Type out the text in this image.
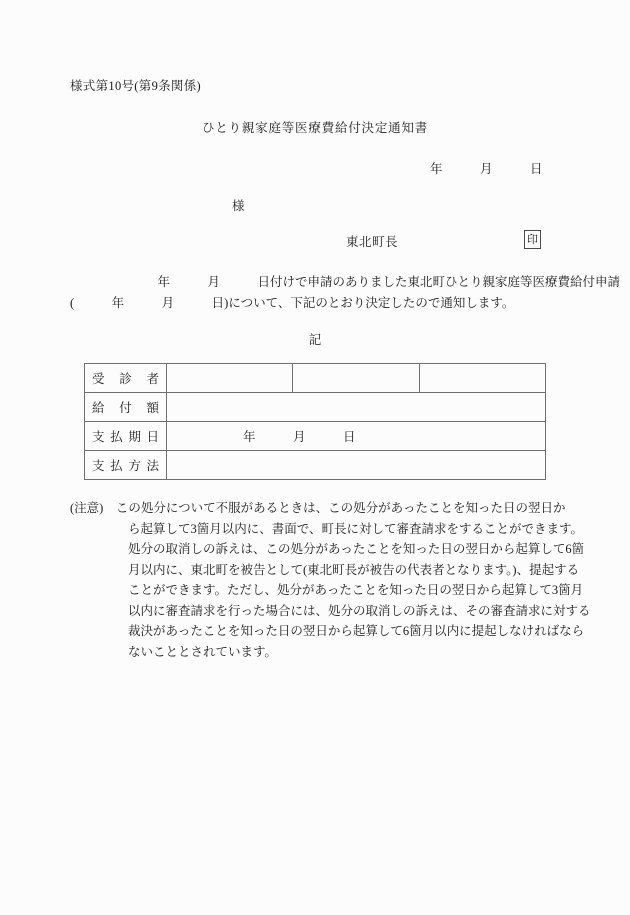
様式第10号(第9条関係)
ひとり親家庭等医療費給付決定通知書
年　　　月　　　日
様
東北町長	印
　　　　　　　年　　　月　　　日付けで申請のありました東北町ひとり親家庭等医療費給付申請
(　　　年　　　月　　　日)について、下記のとおり決定したので通知します。
記
受診者			
給付額			
支払期日	年　　　月　　　日		
支払方法			
(注意)　この処分について不服があるときは、この処分があったことを知った日の翌日か
ら起算して3箇月以内に、書面で、町長に対して審査請求をすることができます。
処分の取消しの訴えは、この処分があったことを知った日の翌日から起算して6箇
月以内に、東北町を被告として(東北町長が被告の代表者となります。)、提起する
ことができます。ただし、処分があったことを知った日の翌日から起算して3箇月
以内に審査請求を行った場合には、処分の取消しの訴えは、その審査請求に対する
裁決があったことを知った日の翌日から起算して6箇月以内に提起しなければなら
ないこととされています。
